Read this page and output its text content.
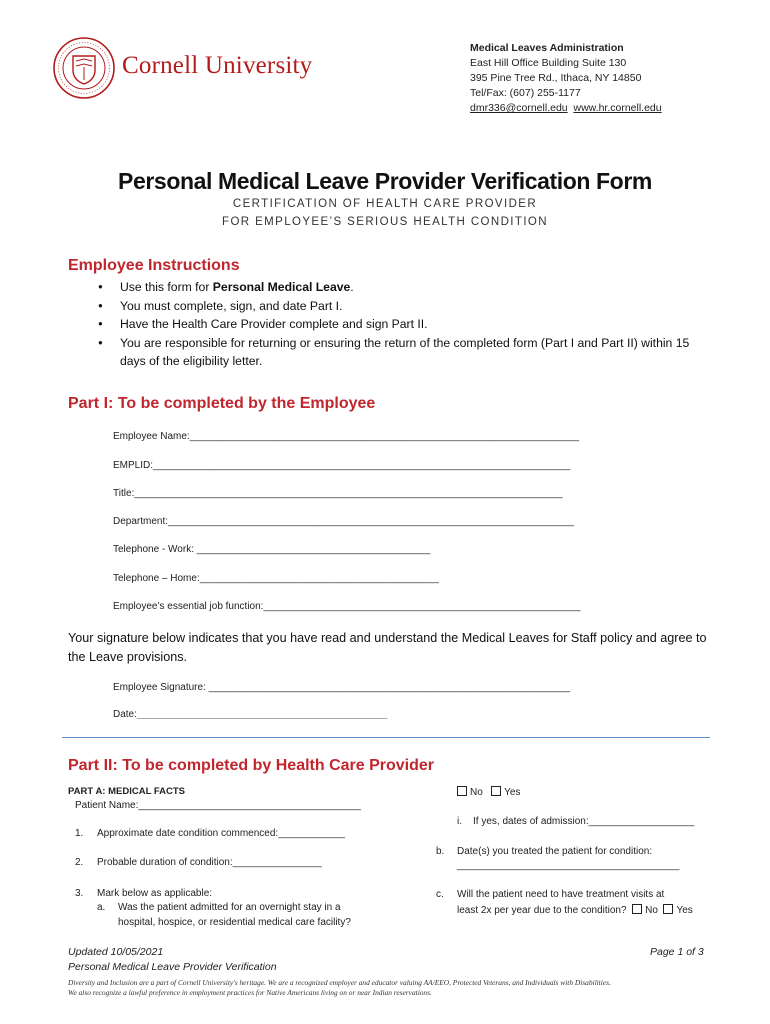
Cornell University
Medical Leaves Administration
East Hill Office Building Suite 130
395 Pine Tree Rd., Ithaca, NY 14850
Tel/Fax: (607) 255-1177
dmr336@cornell.edu www.hr.cornell.edu
Personal Medical Leave Provider Verification Form
CERTIFICATION OF HEALTH CARE PROVIDER
FOR EMPLOYEE’S SERIOUS HEALTH CONDITION
Employee Instructions
● Use this form for Personal Medical Leave.
● You must complete, sign, and date Part I.
● Have the Health Care Provider complete and sign Part II.
● You are responsible for returning or ensuring the return of the completed form (Part I and Part II) within 15 days of the eligibility letter.
Part I: To be completed by the Employee
Employee Name:______________________________________________________________________
EMPLID:___________________________________________________________________________
Title:_____________________________________________________________________________
Department:_________________________________________________________________________
Telephone - Work: __________________________________________
Telephone – Home:___________________________________________
Employee’s essential job function:_________________________________________________________
Your signature below indicates that you have read and understand the Medical Leaves for Staff policy and agree to the Leave provisions.
Employee Signature: _________________________________________________________________
Date:_____________________________________________
Part II: To be completed by Health Care Provider
PART A: MEDICAL FACTS
Patient Name:________________________________________
1. Approximate date condition commenced:____________
2. Probable duration of condition:________________
3. Mark below as applicable:
a. Was the patient admitted for an overnight stay in a
hospital, hospice, or residential medical care facility?
No Yes
i. If yes, dates of admission:___________________
b. Date(s) you treated the patient for condition:
________________________________________
c. Will the patient need to have treatment visits at
least 2x per year due to the condition? No Yes
Updated 10/05/2021
Personal Medical Leave Provider Verification
Page 1 of 3
Diversity and Inclusion are a part of Cornell University's heritage. We are a recognized employer and educator valuing AA/EEO, Protected Veterans, and Individuals with Disabilities.
We also recognize a lawful preference in employment practices for Native Americans living on or near Indian reservations.
